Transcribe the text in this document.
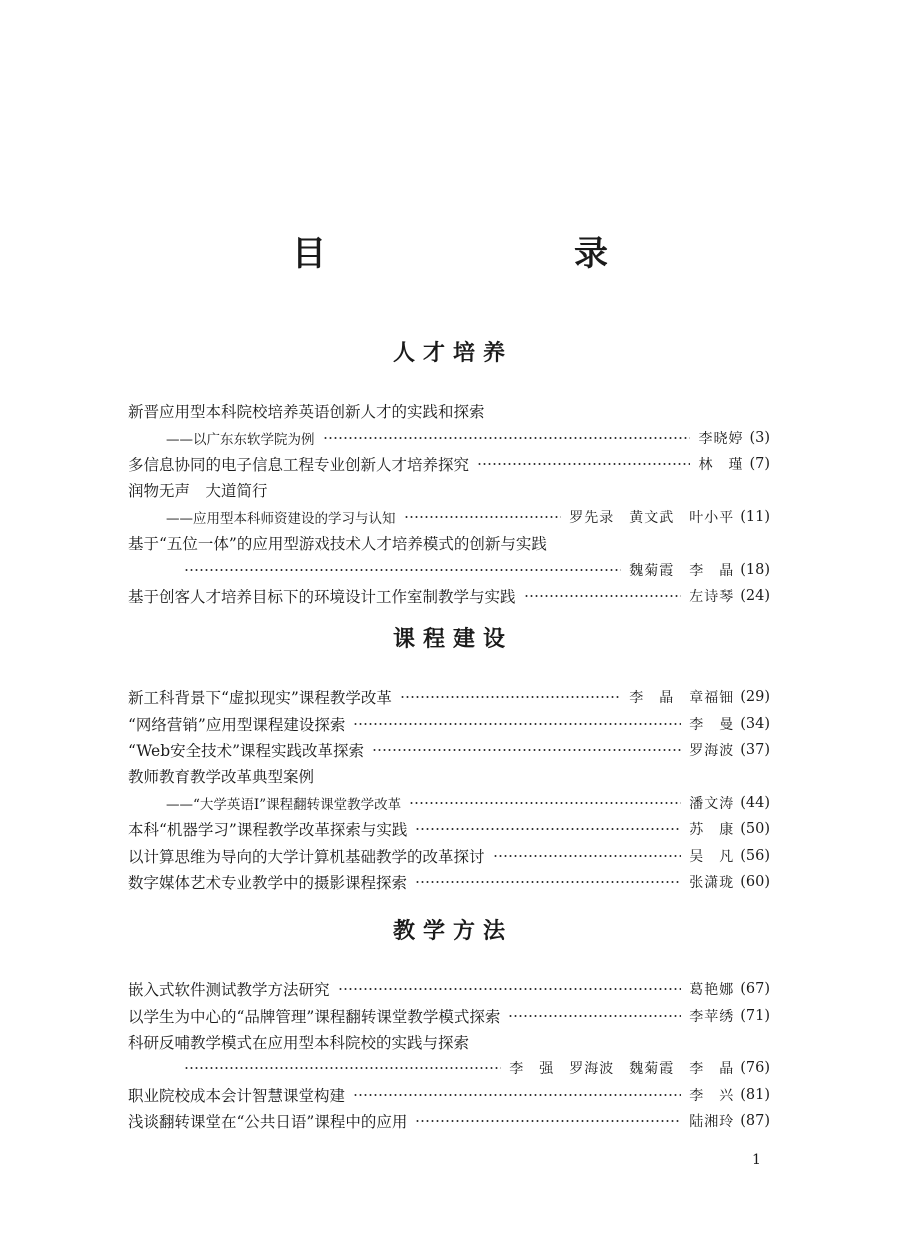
目　　录
人才培养
新晋应用型本科院校培养英语创新人才的实践和探索
——以广东东软学院为例	李晓婷 (3)
多信息协同的电子信息工程专业创新人才培养探究	林　瑾 (7)
润物无声　大道简行
——应用型本科师资建设的学习与认知	罗先录　黄文武　叶小平 (11)
基于“五位一体”的应用型游戏技术人才培养模式的创新与实践
魏菊霞　李　晶 (18)
基于创客人才培养目标下的环境设计工作室制教学与实践	左诗琴 (24)
课程建设
新工科背景下“虚拟现实”课程教学改革	李　晶　章福钿 (29)
“网络营销”应用型课程建设探索	李　曼 (34)
“Web安全技术”课程实践改革探索	罗海波 (37)
教师教育教学改革典型案例
——“大学英语Ⅰ”课程翻转课堂教学改革	潘文涛 (44)
本科“机器学习”课程教学改革探索与实践	苏　康 (50)
以计算思维为导向的大学计算机基础教学的改革探讨	吴　凡 (56)
数字媒体艺术专业教学中的摄影课程探索	张潇珑 (60)
教学方法
嵌入式软件测试教学方法研究	葛艳娜 (67)
以学生为中心的“品牌管理”课程翻转课堂教学模式探索	李苹绣 (71)
科研反哺教学模式在应用型本科院校的实践与探索
李　强　罗海波　魏菊霞　李　晶 (76)
职业院校成本会计智慧课堂构建	李　兴 (81)
浅谈翻转课堂在“公共日语”课程中的应用	陆湘玲 (87)
1
